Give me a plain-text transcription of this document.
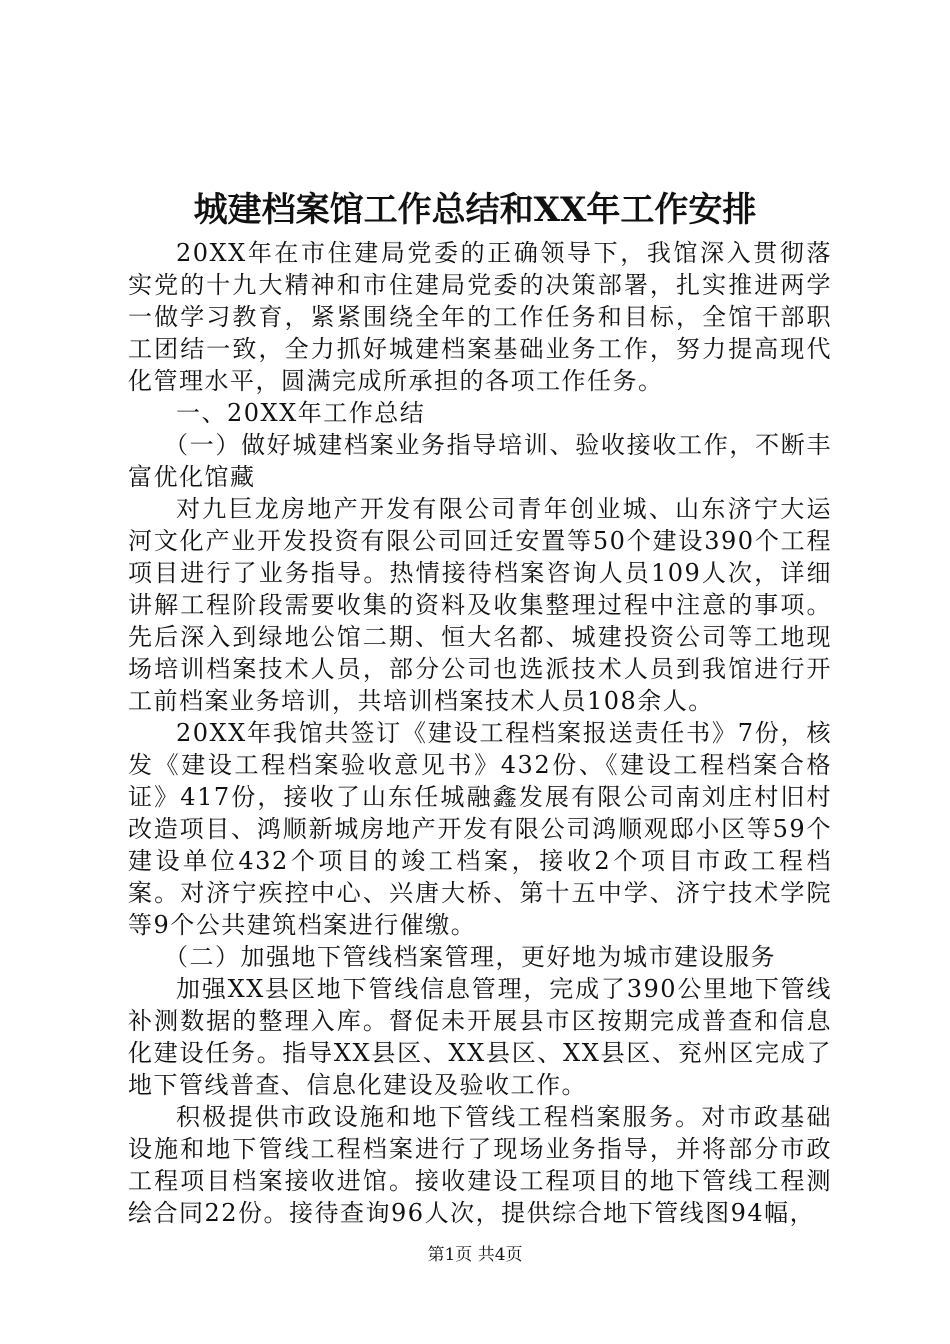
城建档案馆工作总结和XX年工作安排

20XX年在市住建局党委的正确领导下，我馆深入贯彻落实党的十九大精神和市住建局党委的决策部署，扎实推进两学一做学习教育，紧紧围绕全年的工作任务和目标，全馆干部职工团结一致，全力抓好城建档案基础业务工作，努力提高现代化管理水平，圆满完成所承担的各项工作任务。

一、20XX年工作总结

（一）做好城建档案业务指导培训、验收接收工作，不断丰富优化馆藏

对九巨龙房地产开发有限公司青年创业城、山东济宁大运河文化产业开发投资有限公司回迁安置等50个建设390个工程项目进行了业务指导。热情接待档案咨询人员109人次，详细讲解工程阶段需要收集的资料及收集整理过程中注意的事项。先后深入到绿地公馆二期、恒大名都、城建投资公司等工地现场培训档案技术人员，部分公司也选派技术人员到我馆进行开工前档案业务培训，共培训档案技术人员108余人。

20XX年我馆共签订《建设工程档案报送责任书》7份，核发《建设工程档案验收意见书》432份、《建设工程档案合格证》417份，接收了山东任城融鑫发展有限公司南刘庄村旧村改造项目、鸿顺新城房地产开发有限公司鸿顺观邸小区等59个建设单位432个项目的竣工档案，接收2个项目市政工程档案。对济宁疾控中心、兴唐大桥、第十五中学、济宁技术学院等9个公共建筑档案进行催缴。

（二）加强地下管线档案管理，更好地为城市建设服务

加强XX县区地下管线信息管理，完成了390公里地下管线补测数据的整理入库。督促未开展县市区按期完成普查和信息化建设任务。指导XX县区、XX县区、XX县区、兖州区完成了地下管线普查、信息化建设及验收工作。

积极提供市政设施和地下管线工程档案服务。对市政基础设施和地下管线工程档案进行了现场业务指导，并将部分市政工程项目档案接收进馆。接收建设工程项目的地下管线工程测绘合同22份。接待查询96人次，提供综合地下管线图94幅，

第1页 共4页
